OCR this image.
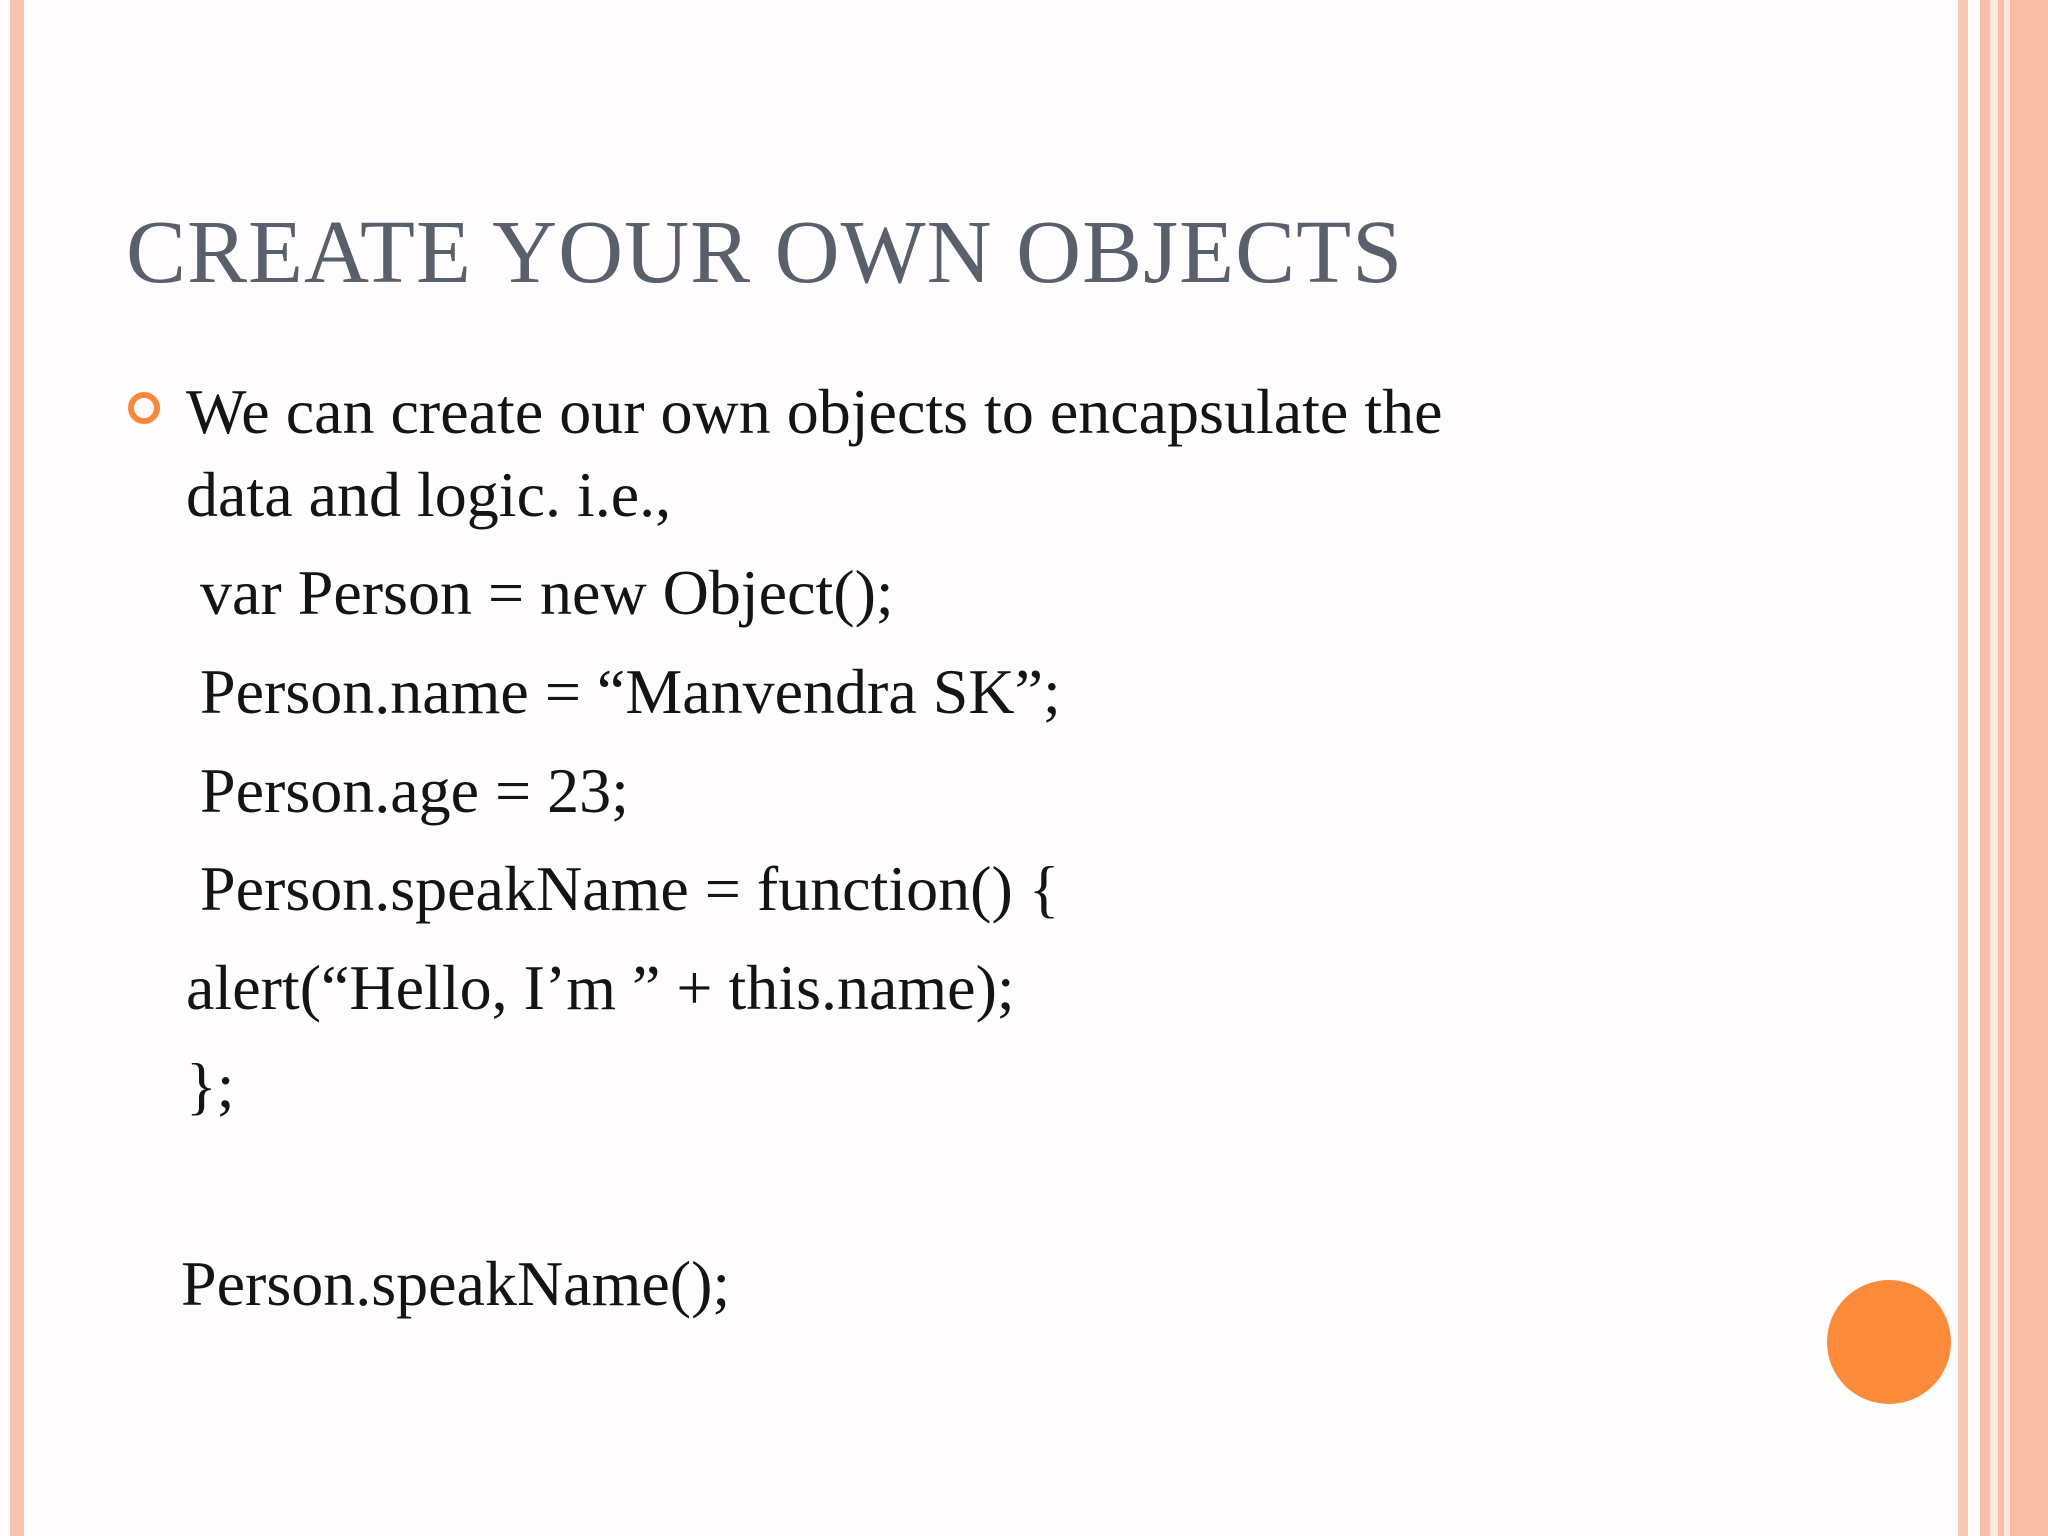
CREATE YOUR OWN OBJECTS
We can create our own objects to encapsulate the
data and logic. i.e.,
var Person = new Object();
Person.name = “Manvendra SK”;
Person.age = 23;
Person.speakName = function() {
alert(“Hello, I’m ” + this.name);
};
Person.speakName();
